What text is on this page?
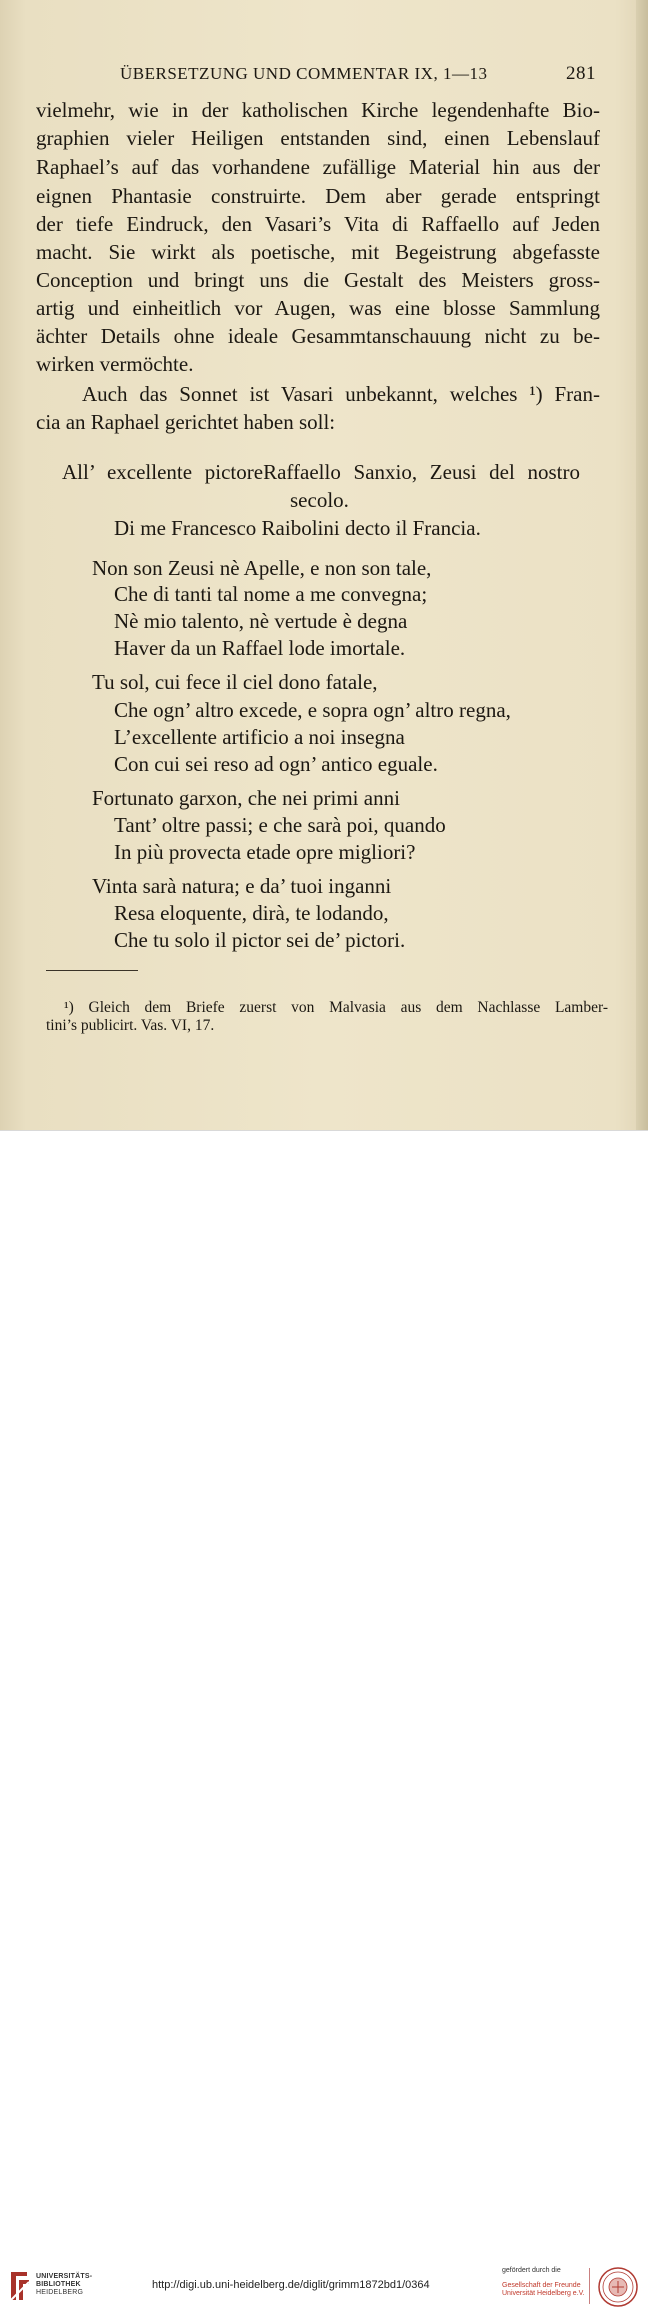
ÜBERSETZUNG UND COMMENTAR IX, 1—13	281
vielmehr, wie in der katholischen Kirche legendenhafte Bio-
graphien vieler Heiligen entstanden sind, einen Lebenslauf
Raphael’s auf das vorhandene zufällige Material hin aus der
eignen Phantasie construirte. Dem aber gerade entspringt
der tiefe Eindruck, den Vasari’s Vita di Raffaello auf Jeden
macht. Sie wirkt als poetische, mit Begeistrung abgefasste
Conception und bringt uns die Gestalt des Meisters gross-
artig und einheitlich vor Augen, was eine blosse Sammlung
ächter Details ohne ideale Gesammtanschauung nicht zu be-
wirken vermöchte.
Auch das Sonnet ist Vasari unbekannt, welches ¹) Fran-
cia an Raphael gerichtet haben soll:
All’ excellente pictoreRaffaello Sanxio, Zeusi del nostro
secolo.
Di me Francesco Raibolini decto il Francia.
Non son Zeusi nè Apelle, e non son tale,
Che di tanti tal nome a me convegna;
Nè mio talento, nè vertude è degna
Haver da un Raffael lode imortale.
Tu sol, cui fece il ciel dono fatale,
Che ogn’ altro excede, e sopra ogn’ altro regna,
L’excellente artificio a noi insegna
Con cui sei reso ad ogn’ antico eguale.
Fortunato garxon, che nei primi anni
Tant’ oltre passi; e che sarà poi, quando
In più provecta etade opre migliori?
Vinta sarà natura; e da’ tuoi inganni
Resa eloquente, dirà, te lodando,
Che tu solo il pictor sei de’ pictori.
¹) Gleich dem Briefe zuerst von Malvasia aus dem Nachlasse Lamber-
tini’s publicirt. Vas. VI, 17.
UNIVERSITÄTS-
BIBLIOTHEK
HEIDELBERG
http://digi.ub.uni-heidelberg.de/diglit/grimm1872bd1/0364
gefördert durch die
Gesellschaft der Freunde
Universität Heidelberg e.V.
